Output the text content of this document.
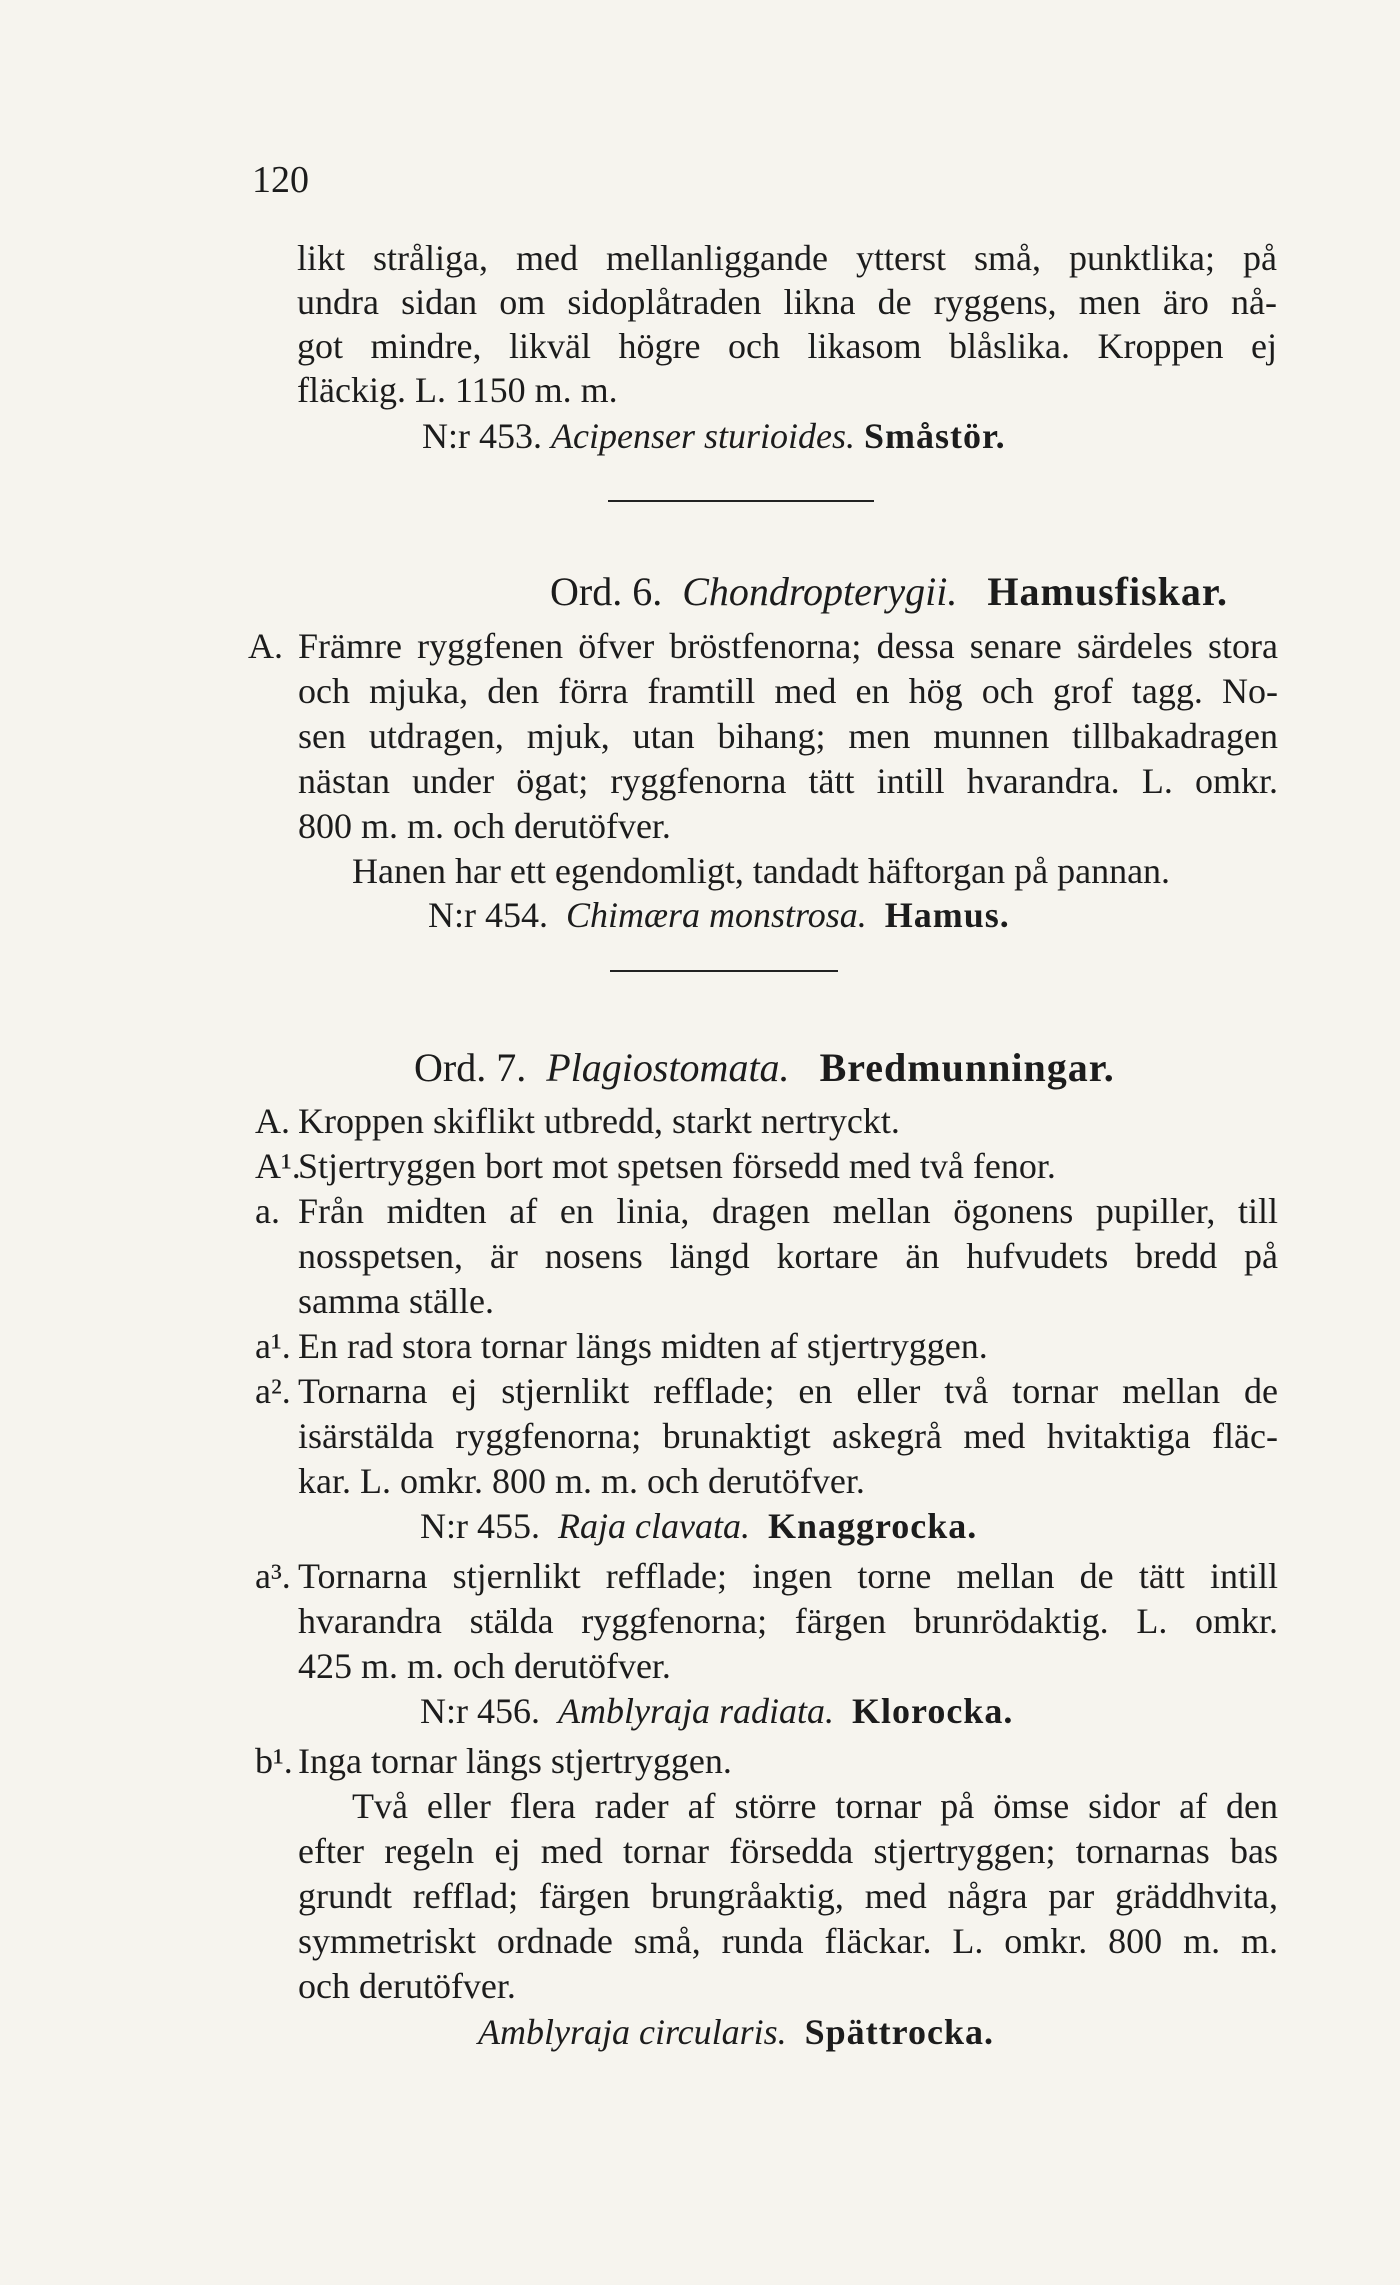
120
likt stråliga, med mellanliggande ytterst små, punktlika; på
undra sidan om sidoplåtraden likna de ryggens, men äro nå-
got mindre, likväl högre och likasom blåslika. Kroppen ej
fläckig. L. 1150 m. m.
N:r 453. Acipenser sturioides. Småstör.
Ord. 6. Chondropterygii. Hamusfiskar.
A. Främre ryggfenen öfver bröstfenorna; dessa senare särdeles stora
och mjuka, den förra framtill med en hög och grof tagg. No-
sen utdragen, mjuk, utan bihang; men munnen tillbakadragen
nästan under ögat; ryggfenorna tätt intill hvarandra. L. omkr.
800 m. m. och derutöfver.
Hanen har ett egendomligt, tandadt häftorgan på pannan.
N:r 454. Chimæra monstrosa. Hamus.
Ord. 7. Plagiostomata. Bredmunningar.
A. Kroppen skiflikt utbredd, starkt nertryckt.
A¹.
Stjertryggen bort mot spetsen försedd med två fenor.
a. Från midten af en linia, dragen mellan ögonens pupiller, till
nosspetsen, är nosens längd kortare än hufvudets bredd på
samma ställe.
a¹. En rad stora tornar längs midten af stjertryggen.
a². Tornarna ej stjernlikt refflade; en eller två tornar mellan de
isärstälda ryggfenorna; brunaktigt askegrå med hvitaktiga fläc-
kar. L. omkr. 800 m. m. och derutöfver.
N:r 455. Raja clavata. Knaggrocka.
a³. Tornarna stjernlikt refflade; ingen torne mellan de tätt intill
hvarandra stälda ryggfenorna; färgen brunrödaktig. L. omkr.
425 m. m. och derutöfver.
N:r 456. Amblyraja radiata. Klorocka.
b¹. Inga tornar längs stjertryggen.
Två eller flera rader af större tornar på ömse sidor af den
efter regeln ej med tornar försedda stjertryggen; tornarnas bas
grundt refflad; färgen brungråaktig, med några par gräddhvita,
symmetriskt ordnade små, runda fläckar. L. omkr. 800 m. m.
och derutöfver.
Amblyraja circularis. Spättrocka.
